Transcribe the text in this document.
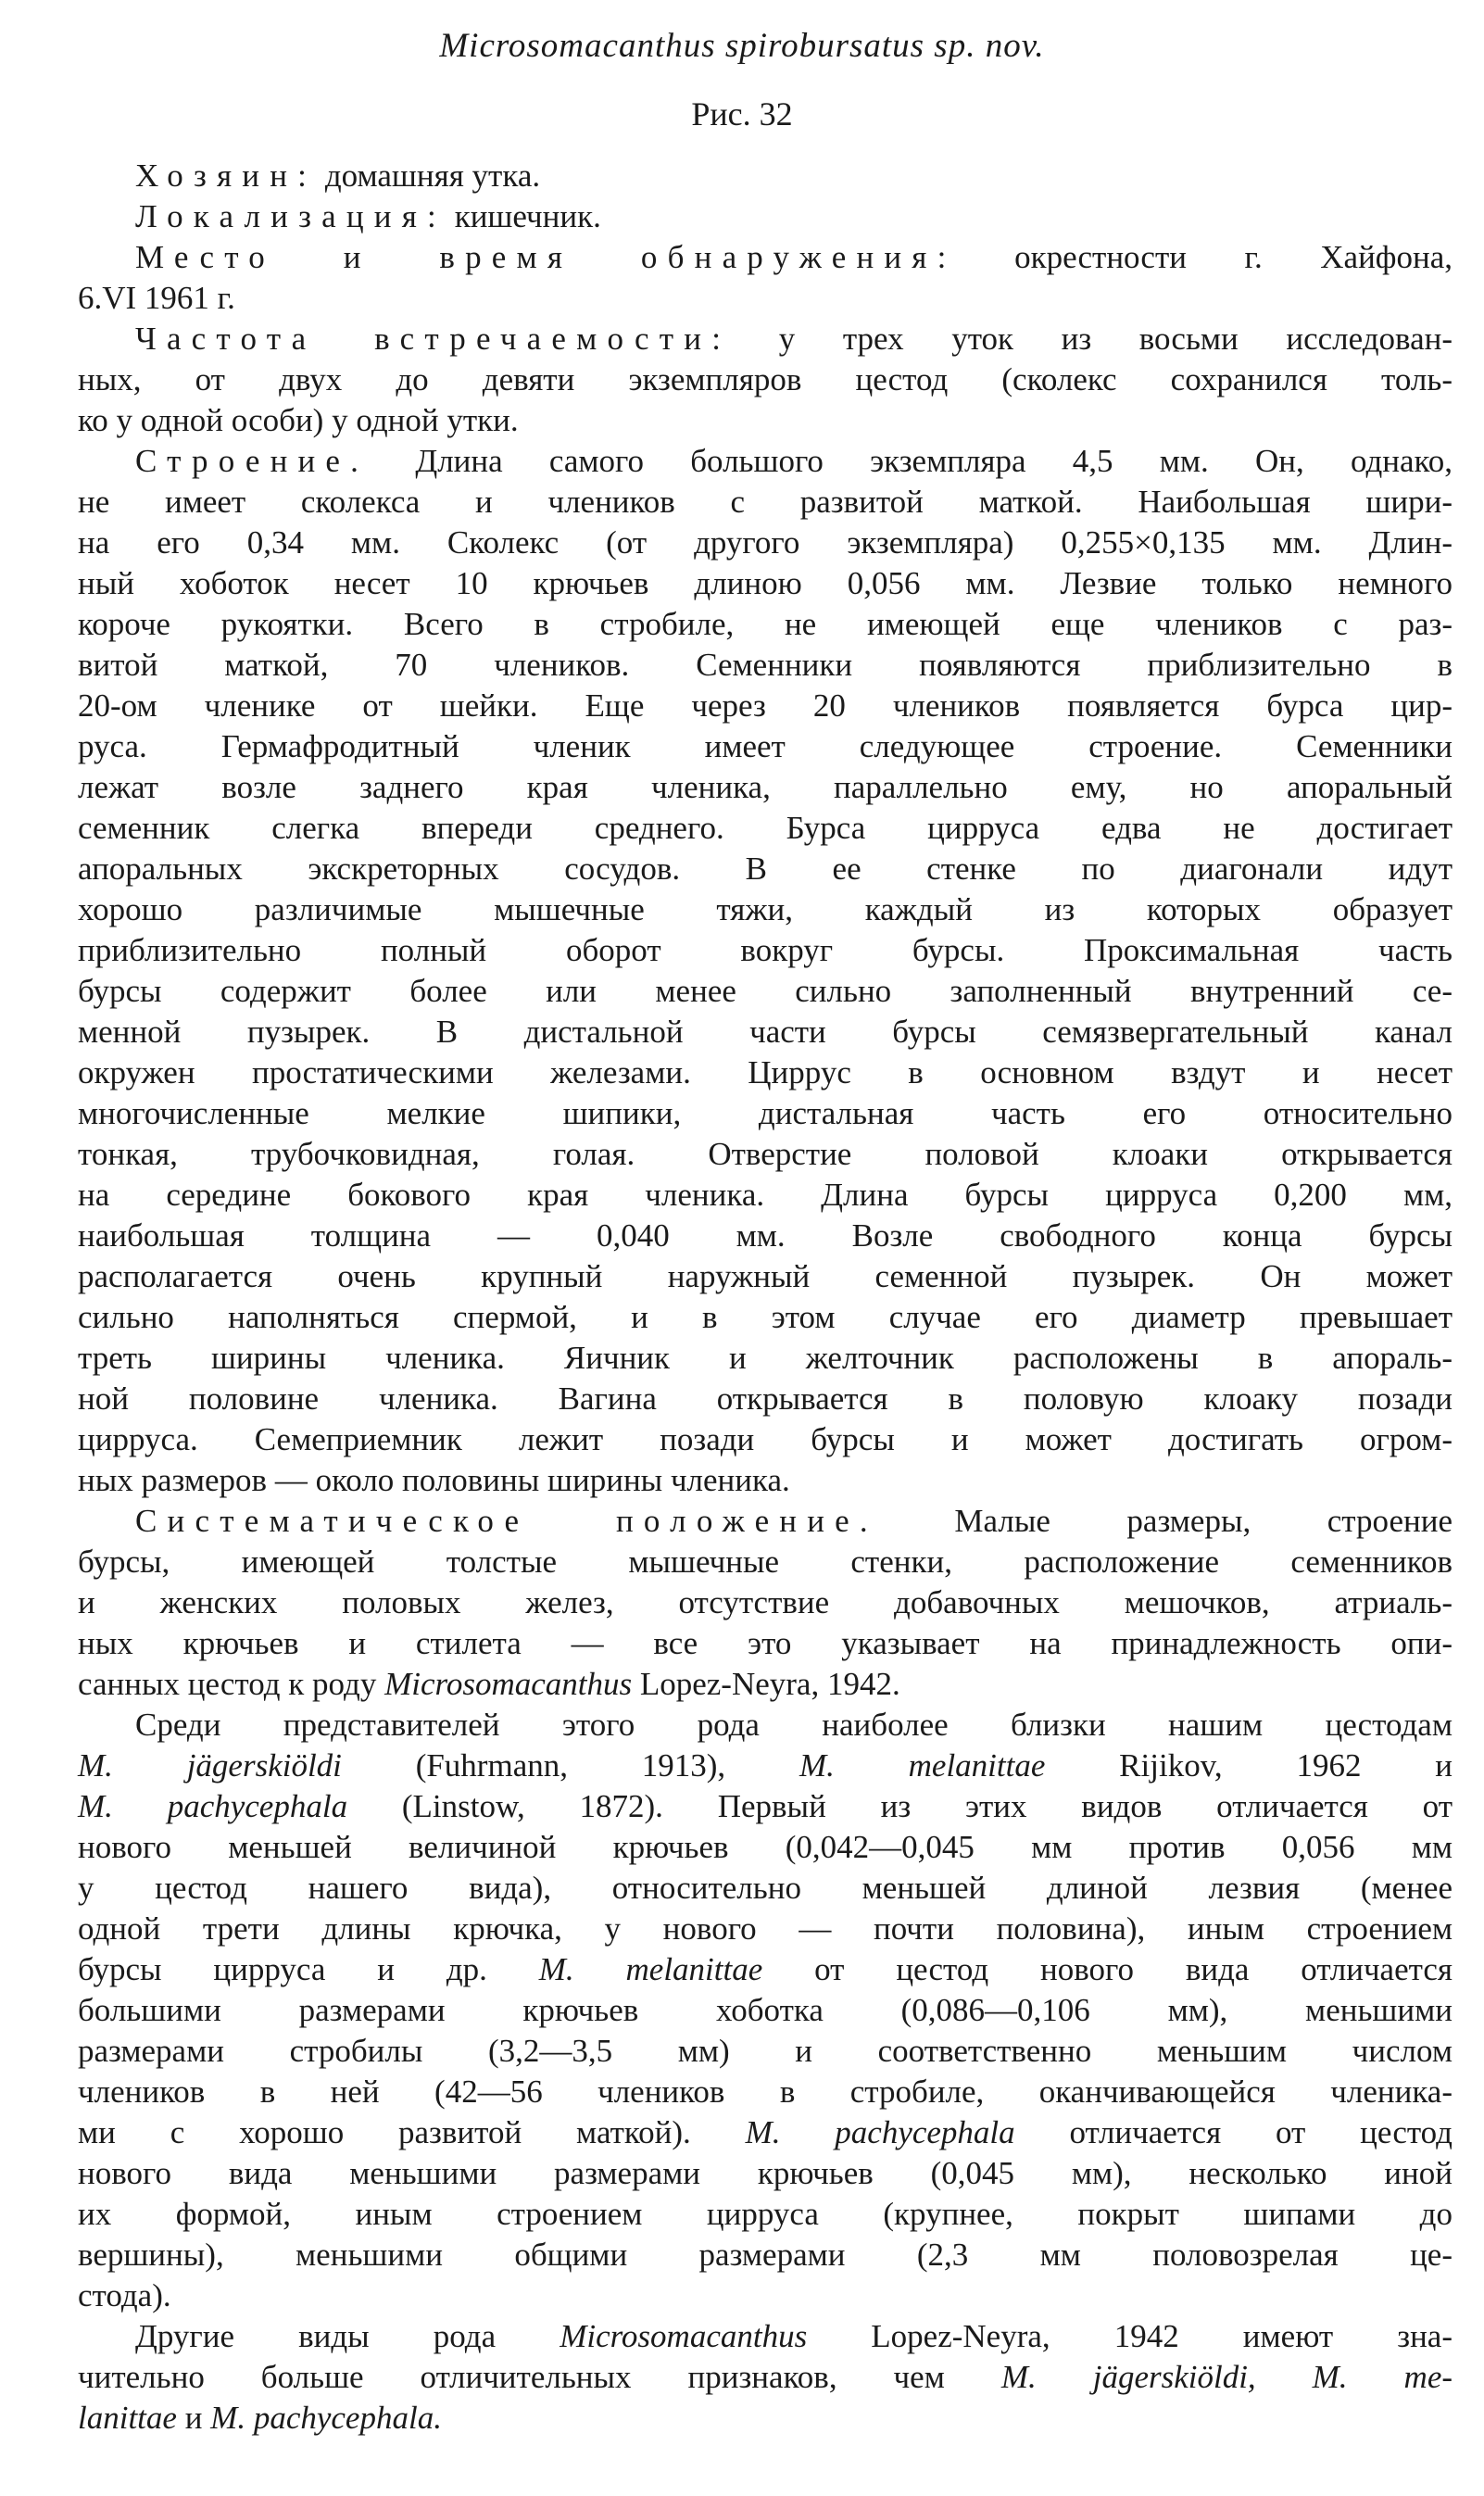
Microsomacanthus spirobursatus sp. nov.
Рис. 32
Хозяин: домашняя утка.
Локализация: кишечник.
Место и время обнаружения: окрестности г. Хайфона,
6.VI 1961 г.
Частота встречаемости: у трех уток из восьми исследован-
ных, от двух до девяти экземпляров цестод (сколекс сохранился толь-
ко у одной особи) у одной утки.
Строение. Длина самого большого экземпляра 4,5 мм. Он, однако,
не имеет сколекса и члеников с развитой маткой. Наибольшая шири-
на его 0,34 мм. Сколекс (от другого экземпляра) 0,255×0,135 мм. Длин-
ный хоботок несет 10 крючьев длиною 0,056 мм. Лезвие только немного
короче рукоятки. Всего в стробиле, не имеющей еще члеников с раз-
витой маткой, 70 члеников. Семенники появляются приблизительно в
20-ом членике от шейки. Еще через 20 члеников появляется бурса цир-
руса. Гермафродитный членик имеет следующее строение. Семенники
лежат возле заднего края членика, параллельно ему, но апоральный
семенник слегка впереди среднего. Бурса цирруса едва не достигает
апоральных экскреторных сосудов. В ее стенке по диагонали идут
хорошо различимые мышечные тяжи, каждый из которых образует
приблизительно полный оборот вокруг бурсы. Проксимальная часть
бурсы содержит более или менее сильно заполненный внутренний се-
менной пузырек. В дистальной части бурсы семязвергательный канал
окружен простатическими железами. Циррус в основном вздут и несет
многочисленные мелкие шипики, дистальная часть его относительно
тонкая, трубочковидная, голая. Отверстие половой клоаки открывается
на середине бокового края членика. Длина бурсы цирруса 0,200 мм,
наибольшая толщина — 0,040 мм. Возле свободного конца бурсы
располагается очень крупный наружный семенной пузырек. Он может
сильно наполняться спермой, и в этом случае его диаметр превышает
треть ширины членика. Яичник и желточник расположены в апораль-
ной половине членика. Вагина открывается в половую клоаку позади
цирруса. Семеприемник лежит позади бурсы и может достигать огром-
ных размеров — около половины ширины членика.
Систематическое положение. Малые размеры, строение
бурсы, имеющей толстые мышечные стенки, расположение семенников
и женских половых желез, отсутствие добавочных мешочков, атриаль-
ных крючьев и стилета — все это указывает на принадлежность опи-
санных цестод к роду Microsomacanthus Lopez-Neyra, 1942.
Среди представителей этого рода наиболее близки нашим цестодам
M. jägerskiöldi (Fuhrmann, 1913), M. melanittae Rijikov, 1962 и
M. pachycephala (Linstow, 1872). Первый из этих видов отличается от
нового меньшей величиной крючьев (0,042—0,045 мм против 0,056 мм
у цестод нашего вида), относительно меньшей длиной лезвия (менее
одной трети длины крючка, у нового — почти половина), иным строением
бурсы цирруса и др. M. melanittae от цестод нового вида отличается
большими размерами крючьев хоботка (0,086—0,106 мм), меньшими
размерами стробилы (3,2—3,5 мм) и соответственно меньшим числом
члеников в ней (42—56 члеников в стробиле, оканчивающейся членика-
ми с хорошо развитой маткой). M. pachycephala отличается от цестод
нового вида меньшими размерами крючьев (0,045 мм), несколько иной
их формой, иным строением цирруса (крупнее, покрыт шипами до
вершины), меньшими общими размерами (2,3 мм половозрелая це-
стода).
Другие виды рода Microsomacanthus Lopez-Neyra, 1942 имеют зна-
чительно больше отличительных признаков, чем M. jägerskiöldi, M. me-
lanittae и M. pachycephala.
